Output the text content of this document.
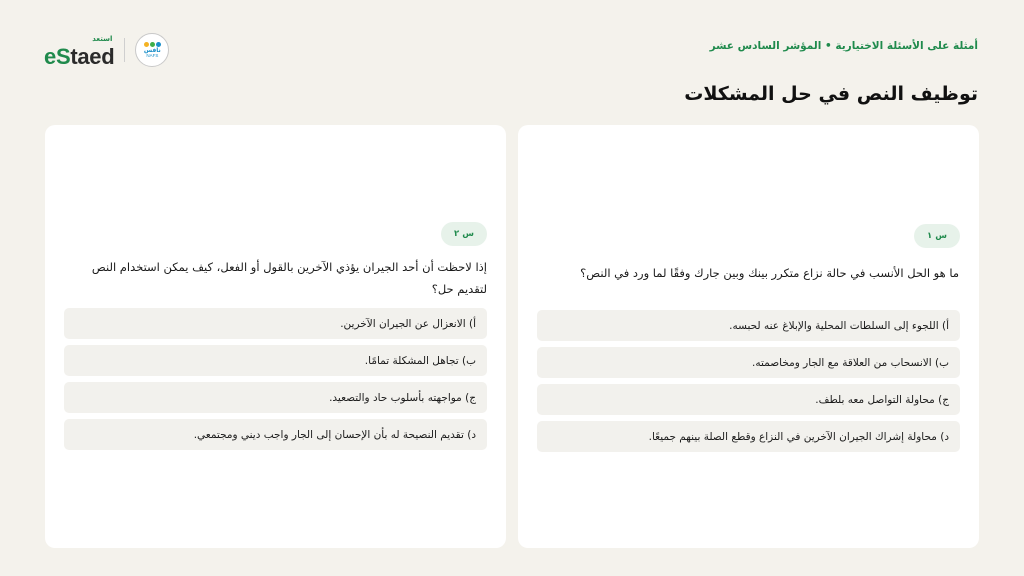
استعد
eStaed	نافس
NAFS
أمثلة على الأسئلة الاختيارية • المؤشر السادس عشر
توظيف النص في حل المشكلات
س ١
ما هو الحل الأنسب في حالة نزاع متكرر بينك وبين جارك وفقًا لما ورد في النص؟
أ) اللجوء إلى السلطات المحلية والإبلاغ عنه لحبسه.
ب) الانسحاب من العلاقة مع الجار ومخاصمته.
ج) محاولة التواصل معه بلطف.
د) محاولة إشراك الجيران الآخرين في النزاع وقطع الصلة بينهم جميعًا.
س ٢
إذا لاحظت أن أحد الجيران يؤذي الآخرين بالقول أو الفعل، كيف يمكن استخدام النص لتقديم حل؟
أ) الانعزال عن الجيران الآخرين.
ب) تجاهل المشكلة تمامًا.
ج) مواجهته بأسلوب حاد والتصعيد.
د) تقديم النصيحة له بأن الإحسان إلى الجار واجب ديني ومجتمعي.
